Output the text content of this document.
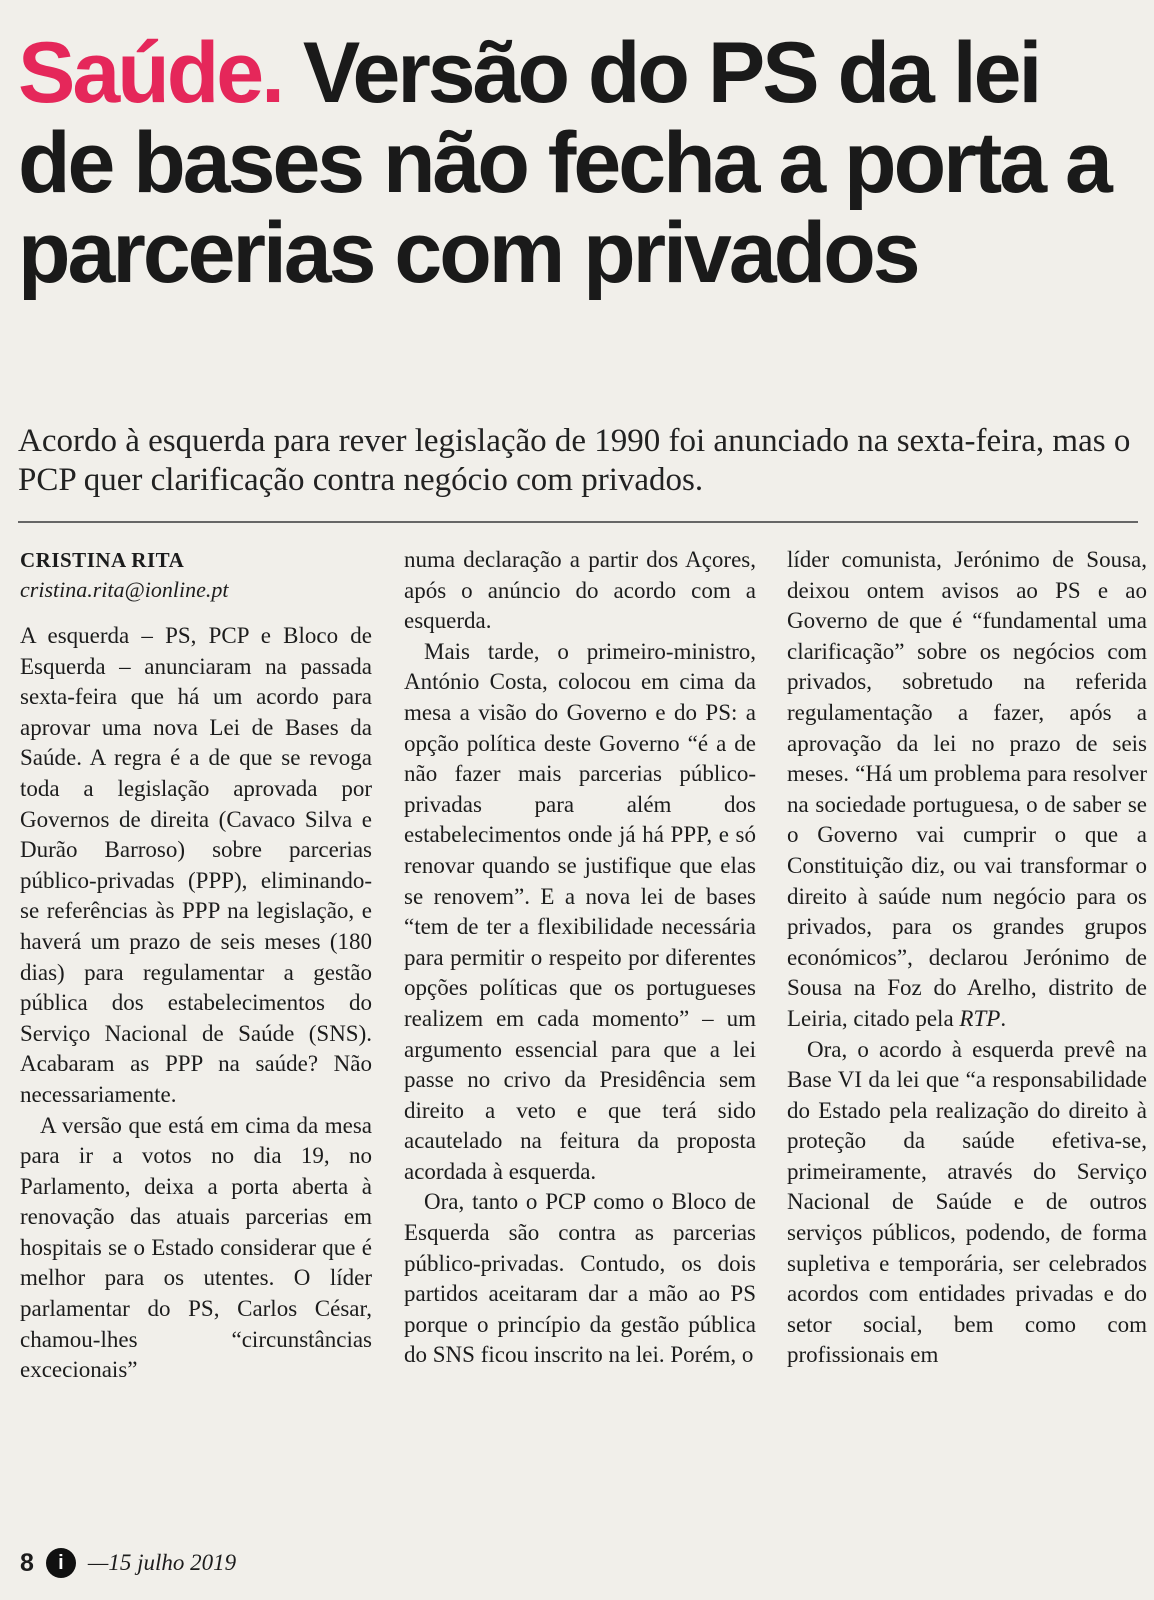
Saúde. Versão do PS da lei de bases não fecha a porta a parcerias com privados

Acordo à esquerda para rever legislação de 1990 foi anunciado na sexta-feira, mas o PCP quer clarificação contra negócio com privados.

CRISTINA RITA

cristina.rita@ionline.pt

A esquerda – PS, PCP e Bloco de Esquerda – anunciaram na passada sexta-feira que há um acordo para aprovar uma nova Lei de Bases da Saúde. A regra é a de que se revoga toda a legislação aprovada por Governos de direita (Cavaco Silva e Durão Barroso) sobre parcerias público-privadas (PPP), eliminando-se referências às PPP na legislação, e haverá um prazo de seis meses (180 dias) para regulamentar a gestão pública dos estabelecimentos do Serviço Nacional de Saúde (SNS). Acabaram as PPP na saúde? Não necessariamente.

A versão que está em cima da mesa para ir a votos no dia 19, no Parlamento, deixa a porta aberta à renovação das atuais parcerias em hospitais se o Estado considerar que é melhor para os utentes. O líder parlamentar do PS, Carlos César, chamou-lhes “circunstâncias excecionais”

numa declaração a partir dos Açores, após o anúncio do acordo com a esquerda.

Mais tarde, o primeiro-ministro, António Costa, colocou em cima da mesa a visão do Governo e do PS: a opção política deste Governo “é a de não fazer mais parcerias público-privadas para além dos estabelecimentos onde já há PPP, e só renovar quando se justifique que elas se renovem”. E a nova lei de bases “tem de ter a flexibilidade necessária para permitir o respeito por diferentes opções políticas que os portugueses realizem em cada momento” – um argumento essencial para que a lei passe no crivo da Presidência sem direito a veto e que terá sido acautelado na feitura da proposta acordada à esquerda.

Ora, tanto o PCP como o Bloco de Esquerda são contra as parcerias público-privadas. Contudo, os dois partidos aceitaram dar a mão ao PS porque o princípio da gestão pública do SNS ficou inscrito na lei. Porém, o

líder comunista, Jerónimo de Sousa, deixou ontem avisos ao PS e ao Governo de que é “fundamental uma clarificação” sobre os negócios com privados, sobretudo na referida regulamentação a fazer, após a aprovação da lei no prazo de seis meses. “Há um problema para resolver na sociedade portuguesa, o de saber se o Governo vai cumprir o que a Constituição diz, ou vai transformar o direito à saúde num negócio para os privados, para os grandes grupos económicos”, declarou Jerónimo de Sousa na Foz do Arelho, distrito de Leiria, citado pela RTP.

Ora, o acordo à esquerda prevê na Base VI da lei que “a responsabilidade do Estado pela realização do direito à proteção da saúde efetiva-se, primeiramente, através do Serviço Nacional de Saúde e de outros serviços públicos, podendo, de forma supletiva e temporária, ser celebrados acordos com entidades privadas e do setor social, bem como com profissionais em

8	i	—15 julho 2019
